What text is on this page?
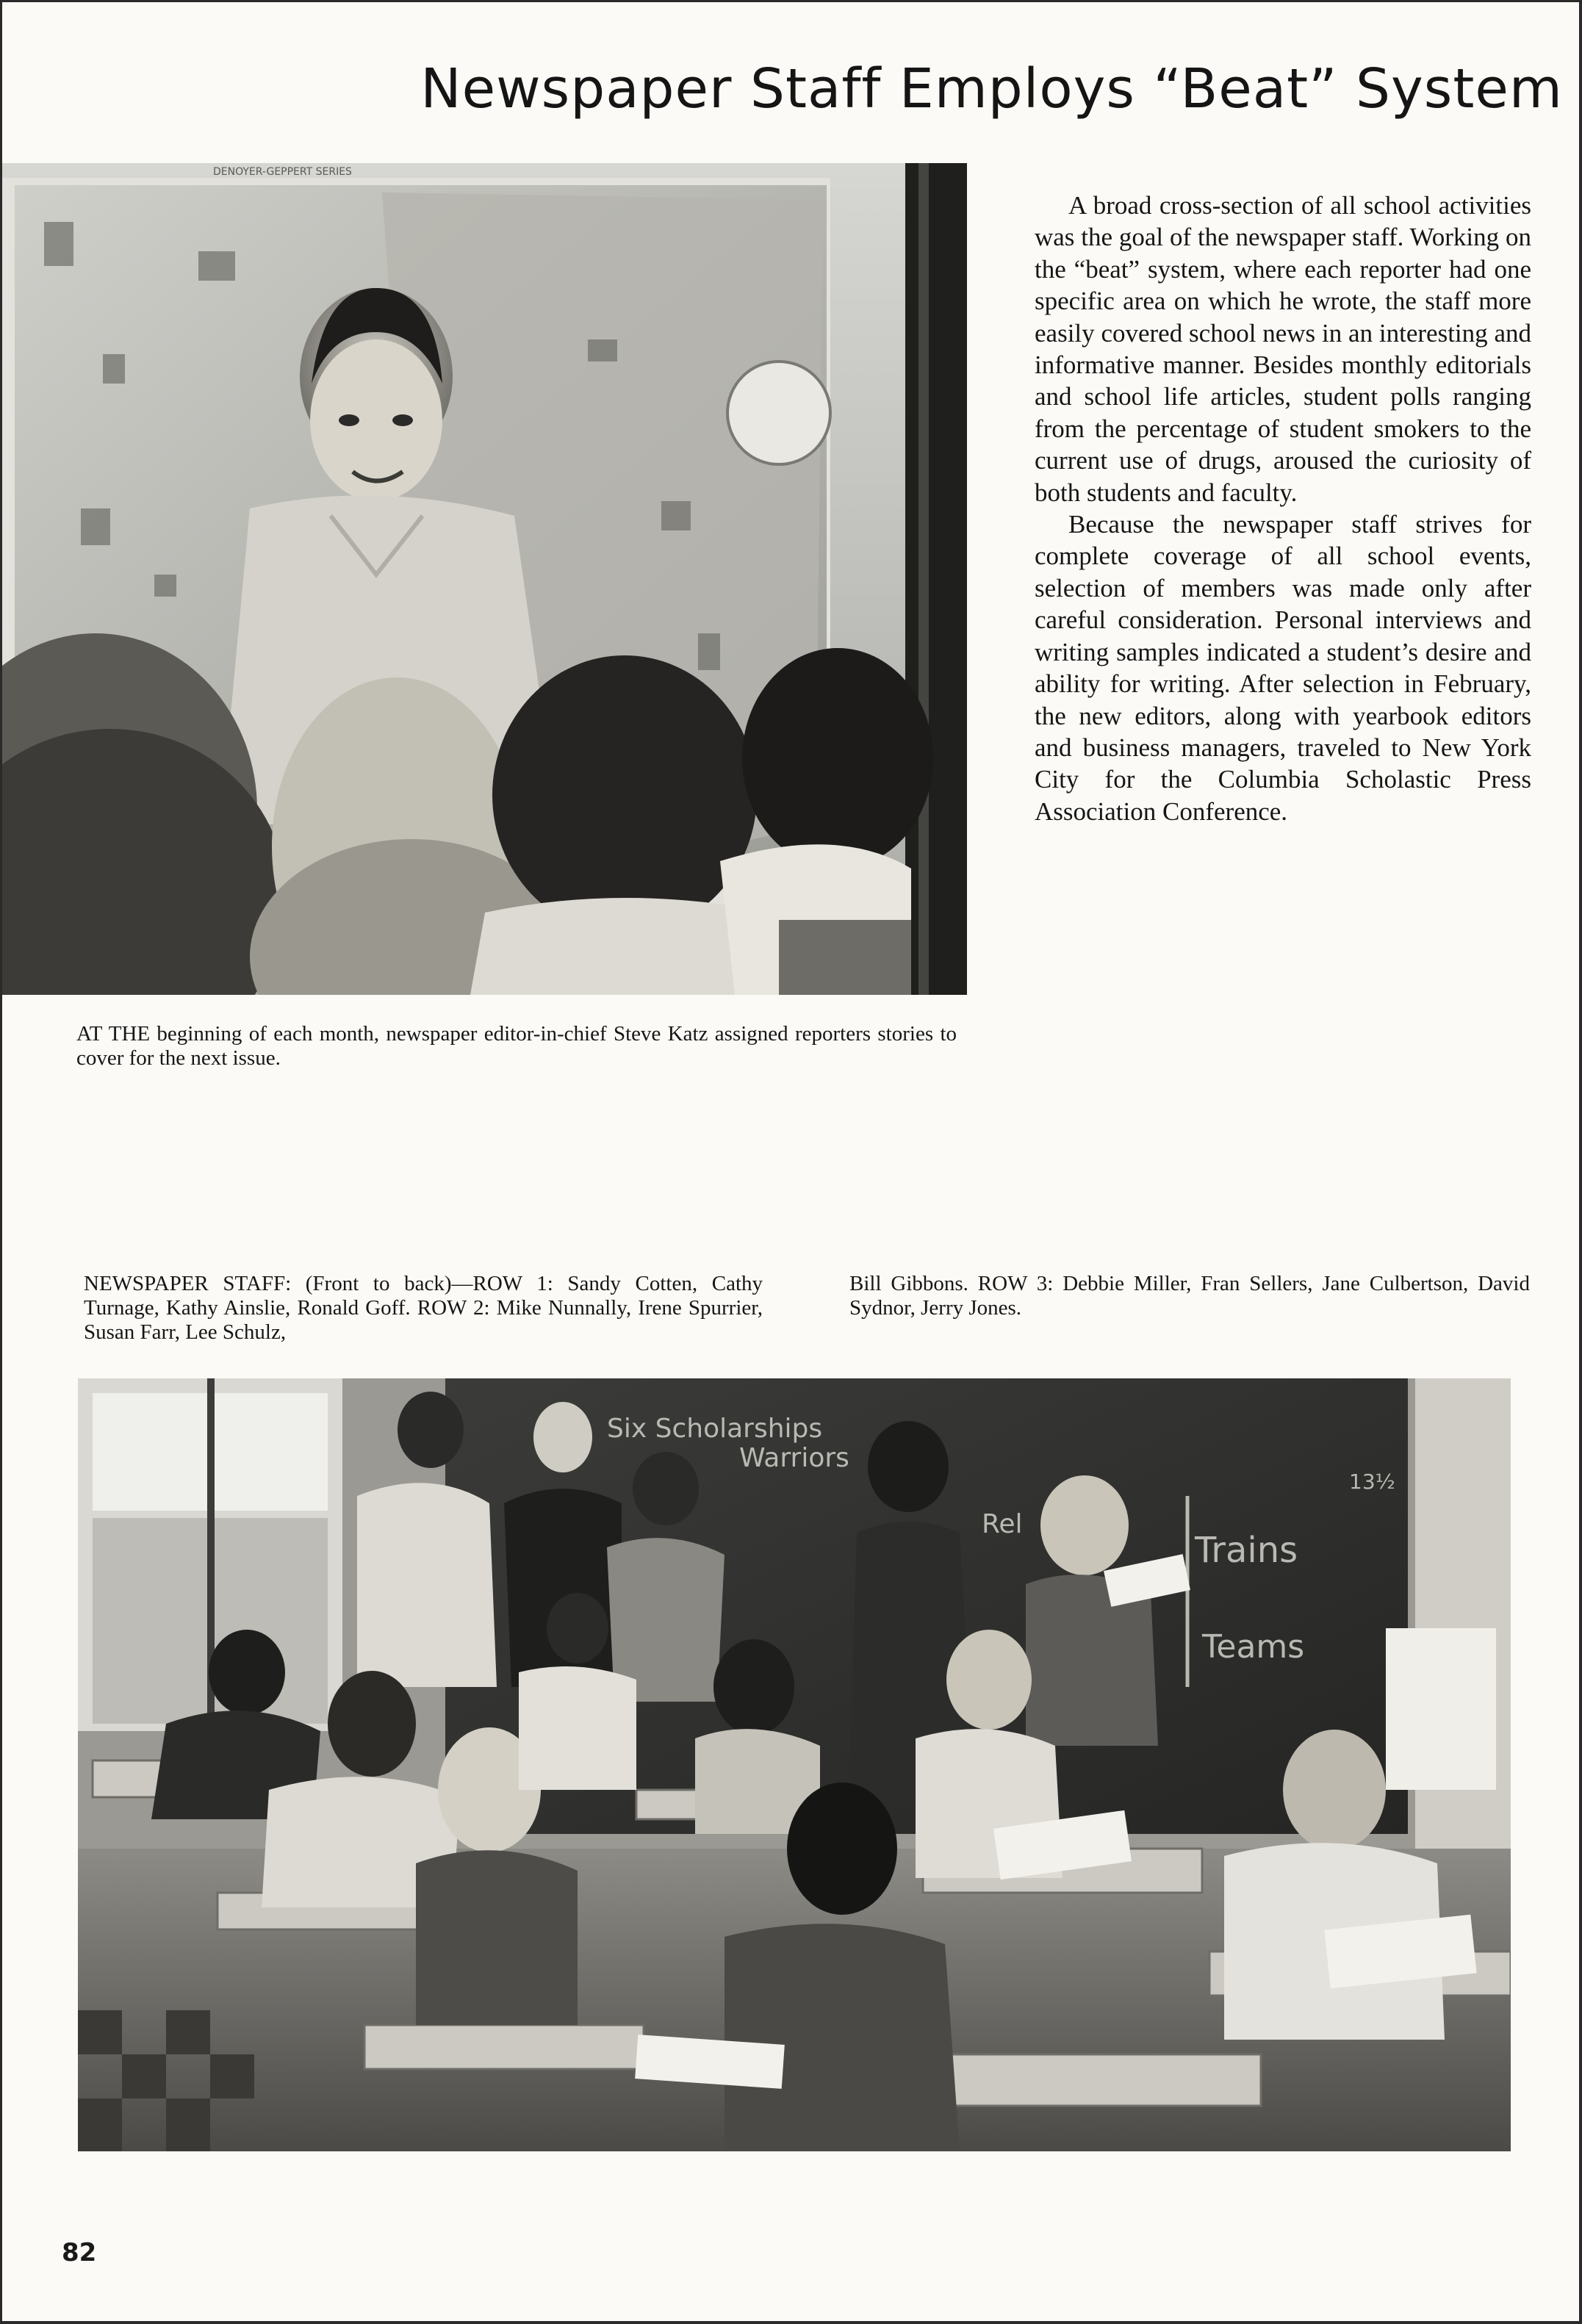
Newspaper Staff Employs “Beat” System
DENOYER-GEPPERT SERIES

A broad cross-section of all school activities was the goal of the newspaper staff. Working on the “beat” system, where each reporter had one specific area on which he wrote, the staff more easily covered school news in an interesting and informative manner. Besides monthly editorials and school life articles, student polls ranging from the percentage of student smokers to the current use of drugs, aroused the curiosity of both students and faculty.

Because the newspaper staff strives for complete coverage of all school events, selection of members was made only after careful consideration. Personal interviews and writing samples indicated a student’s desire and ability for writing. After selection in February, the new editors, along with yearbook editors and business managers, traveled to New York City for the Columbia Scholastic Press Association Conference.

AT THE beginning of each month, newspaper editor-in-chief Steve Katz assigned reporters stories to cover for the next issue.
NEWSPAPER STAFF: (Front to back)—ROW 1: Sandy Cotten, Cathy Turnage, Kathy Ainslie, Ronald Goff. ROW 2: Mike Nunnally, Irene Spurrier, Susan Farr, Lee Schulz,
Bill Gibbons. ROW 3: Debbie Miller, Fran Sellers, Jane Culbertson, David Sydnor, Jerry Jones.
Six Scholarships
Warriors
Rel
Trains
Teams
13½
82
